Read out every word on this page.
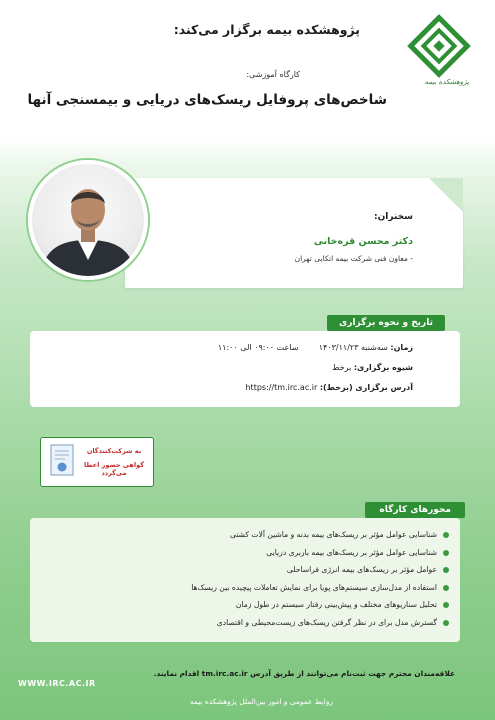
پژوهشکده بیمه
پژوهشکده بیمه برگزار می‌کند:
کارگاه آموزشی:
شاخص‌های پروفایل ریسک‌های دریایی و بیمسنجی آنها
سخنران:
دکتر محسن قره‌خانی
- معاون فنی شرکت بیمه اتکایی تهران
تاریخ و نحوه برگزاری
زمان: سه‌شنبه ۱۴۰۳/۱۱/۲۳        ساعت ۰۹:۰۰ الی ۱۱:۰۰
شیوه برگزاری: برخط
آدرس برگزاری (برخط): https://tm.irc.ac.ir
به شرکت‌کنندگان
گواهی حضور اعطا می‌گردد
محورهای کارگاه
شناسایی عوامل مؤثر بر ریسک‌های بیمه بدنه و ماشین آلات کشتی
شناسایی عوامل مؤثر بر ریسک‌های بیمه باربری دریایی
عوامل مؤثر بر ریسک‌های بیمه انرژی فراساحلی
استفاده از مدل‌سازی سیستم‌های پویا برای نمایش تعاملات پیچیده بین ریسک‌ها
تحلیل سناریوهای مختلف و پیش‌بینی رفتار سیستم در طول زمان
گسترش مدل برای در نظر گرفتن ریسک‌های زیست‌محیطی و اقتصادی
علاقه‌مندان محترم جهت ثبت‌نام می‌توانند از طریق آدرس tm.irc.ac.ir اقدام نمایند.
WWW.IRC.AC.IR
روابط عمومی و امور بین‌الملل پژوهشکده بیمه
